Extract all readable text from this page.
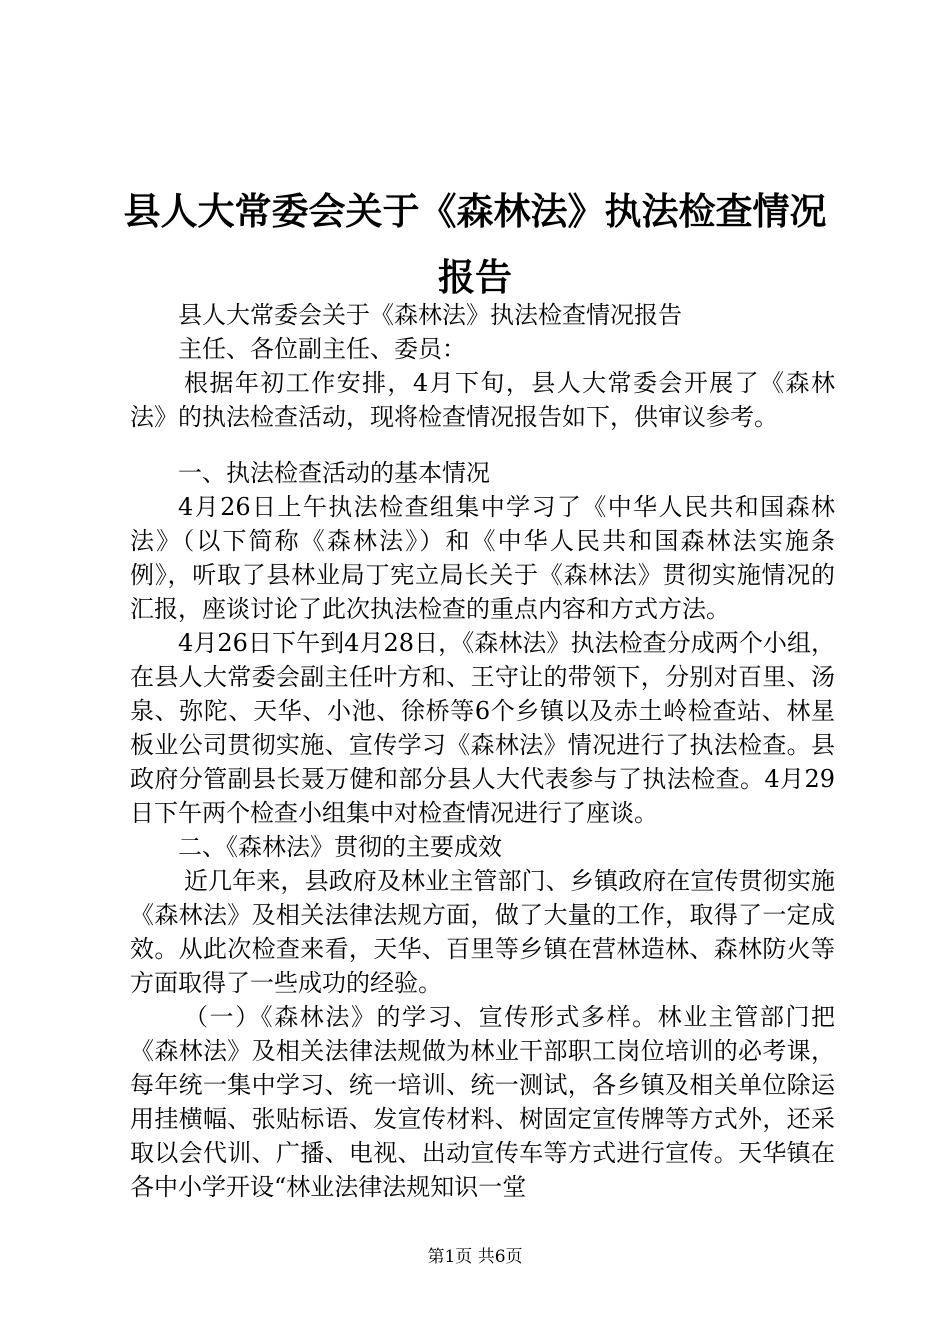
县人大常委会关于《森林法》执法检查情况报告

县人大常委会关于《森林法》执法检查情况报告

主任、各位副主任、委员：

根据年初工作安排，4月下旬，县人大常委会开展了《森林法》的执法检查活动，现将检查情况报告如下，供审议参考。

一、执法检查活动的基本情况

4月26日上午执法检查组集中学习了《中华人民共和国森林法》（以下简称《森林法》）和《中华人民共和国森林法实施条例》，听取了县林业局丁宪立局长关于《森林法》贯彻实施情况的汇报，座谈讨论了此次执法检查的重点内容和方式方法。

4月26日下午到4月28日，《森林法》执法检查分成两个小组，在县人大常委会副主任叶方和、王守让的带领下，分别对百里、汤泉、弥陀、天华、小池、徐桥等6个乡镇以及赤土岭检查站、林星板业公司贯彻实施、宣传学习《森林法》情况进行了执法检查。县政府分管副县长聂万健和部分县人大代表参与了执法检查。4月29日下午两个检查小组集中对检查情况进行了座谈。

二、《森林法》贯彻的主要成效

近几年来，县政府及林业主管部门、乡镇政府在宣传贯彻实施《森林法》及相关法律法规方面，做了大量的工作，取得了一定成效。从此次检查来看，天华、百里等乡镇在营林造林、森林防火等方面取得了一些成功的经验。

（一）《森林法》的学习、宣传形式多样。林业主管部门把《森林法》及相关法律法规做为林业干部职工岗位培训的必考课，每年统一集中学习、统一培训、统一测试，各乡镇及相关单位除运用挂横幅、张贴标语、发宣传材料、树固定宣传牌等方式外，还采取以会代训、广播、电视、出动宣传车等方式进行宣传。天华镇在各中小学开设“林业法律法规知识一堂

第1页 共6页
